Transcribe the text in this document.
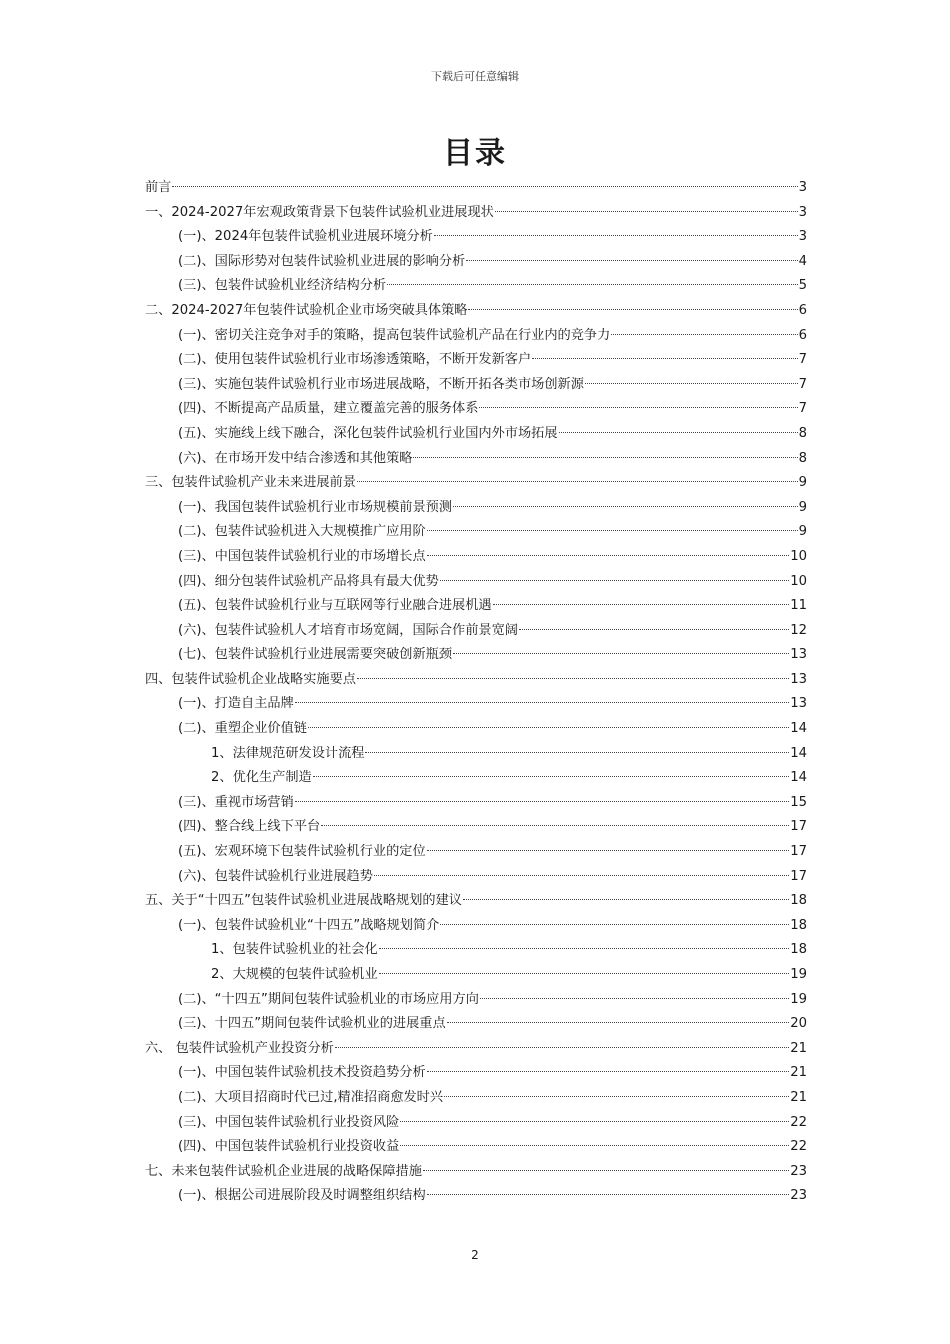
下载后可任意编辑
目录
前言	3
一、2024-2027年宏观政策背景下包装件试验机业进展现状	3
(一)、2024年包装件试验机业进展环境分析	3
(二)、国际形势对包装件试验机业进展的影响分析	4
(三)、包装件试验机业经济结构分析	5
二、2024-2027年包装件试验机企业市场突破具体策略	6
(一)、密切关注竞争对手的策略，提高包装件试验机产品在行业内的竞争力	6
(二)、使用包装件试验机行业市场渗透策略，不断开发新客户	7
(三)、实施包装件试验机行业市场进展战略，不断开拓各类市场创新源	7
(四)、不断提高产品质量，建立覆盖完善的服务体系	7
(五)、实施线上线下融合，深化包装件试验机行业国内外市场拓展	8
(六)、在市场开发中结合渗透和其他策略	8
三、包装件试验机产业未来进展前景	9
(一)、我国包装件试验机行业市场规模前景预测	9
(二)、包装件试验机进入大规模推广应用阶	9
(三)、中国包装件试验机行业的市场增长点	10
(四)、细分包装件试验机产品将具有最大优势	10
(五)、包装件试验机行业与互联网等行业融合进展机遇	11
(六)、包装件试验机人才培育市场宽阔，国际合作前景宽阔	12
(七)、包装件试验机行业进展需要突破创新瓶颈	13
四、包装件试验机企业战略实施要点	13
(一)、打造自主品牌	13
(二)、重塑企业价值链	14
1、法律规范研发设计流程	14
2、优化生产制造	14
(三)、重视市场营销	15
(四)、整合线上线下平台	17
(五)、宏观环境下包装件试验机行业的定位	17
(六)、包装件试验机行业进展趋势	17
五、关于“十四五”包装件试验机业进展战略规划的建议	18
(一)、包装件试验机业“十四五”战略规划简介	18
1、包装件试验机业的社会化	18
2、大规模的包装件试验机业	19
(二)、“十四五”期间包装件试验机业的市场应用方向	19
(三)、十四五”期间包装件试验机业的进展重点	20
六、 包装件试验机产业投资分析	21
(一)、中国包装件试验机技术投资趋势分析	21
(二)、大项目招商时代已过,精准招商愈发时兴	21
(三)、中国包装件试验机行业投资风险	22
(四)、中国包装件试验机行业投资收益	22
七、未来包装件试验机企业进展的战略保障措施	23
(一)、根据公司进展阶段及时调整组织结构	23
2
